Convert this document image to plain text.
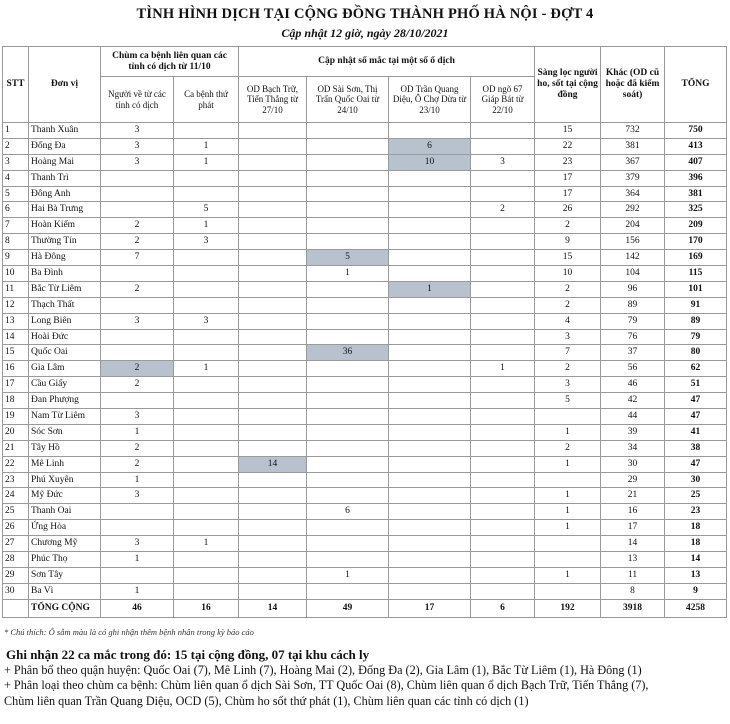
TÌNH HÌNH DỊCH TẠI CỘNG ĐỒNG THÀNH PHỐ HÀ NỘI - ĐỢT 4
Cập nhật 12 giờ, ngày 28/10/2021
STT	Đơn vị	Chùm ca bệnh liên quan các tỉnh có dịch từ 11/10		Cập nhật số mắc tại một số ổ dịch				Sàng lọc người ho, sốt tại cộng đồng	Khác (OD cũ hoặc đã kiểm soát)	TỔNG
		Người về từ các tỉnh có dịch	Ca bệnh thứ phát	OD Bạch Trữ, Tiến Thắng từ 27/10	OD Sài Sơn, Thị Trấn Quốc Oai từ 24/10	OD Trần Quang Diệu, Ô Chợ Dừa từ 23/10	OD ngõ 67 Giáp Bát từ 22/10			
1	Thanh Xuân	3						15	732	750
2	Đống Đa	3	1			6		22	381	413
3	Hoàng Mai	3	1			10	3	23	367	407
4	Thanh Trì							17	379	396
5	Đông Anh							17	364	381
6	Hai Bà Trưng		5				2	26	292	325
7	Hoàn Kiếm	2	1					2	204	209
8	Thường Tín	2	3					9	156	170
9	Hà Đông	7			5			15	142	169
10	Ba Đình				1			10	104	115
11	Bắc Từ Liêm	2				1		2	96	101
12	Thạch Thất							2	89	91
13	Long Biên	3	3					4	79	89
14	Hoài Đức							3	76	79
15	Quốc Oai				36			7	37	80
16	Gia Lâm	2	1				1	2	56	62
17	Cầu Giấy	2						3	46	51
18	Đan Phượng							5	42	47
19	Nam Từ Liêm	3							44	47
20	Sóc Sơn	1						1	39	41
21	Tây Hồ	2						2	34	38
22	Mê Linh	2		14				1	30	47
23	Phú Xuyên	1							29	30
24	Mỹ Đức	3						1	21	25
25	Thanh Oai				6			1	16	23
26	Ứng Hòa							1	17	18
27	Chương Mỹ	3	1						14	18
28	Phúc Thọ	1							13	14
29	Sơn Tây				1			1	11	13
30	Ba Vì	1							8	9
	TỔNG CỘNG	46	16	14	49	17	6	192	3918	4258
* Chú thích: Ô sẫm màu là có ghi nhận thêm bệnh nhân trong kỳ báo cáo
Ghi nhận 22 ca mắc trong đó: 15 tại cộng đồng, 07 tại khu cách ly
+ Phân bổ theo quận huyện: Quốc Oai (7), Mê Linh (7), Hoàng Mai (2), Đống Đa (2), Gia Lâm (1), Bắc Từ Liêm (1), Hà Đông (1)
+ Phân loại theo chùm ca bệnh: Chùm liên quan ổ dịch Sài Sơn, TT Quốc Oai (8), Chùm liên quan ổ dịch Bạch Trữ, Tiến Thắng (7),
Chùm liên quan Trần Quang Diệu, OCD (5), Chùm ho sốt thứ phát (1), Chùm liên quan các tỉnh có dịch (1)
